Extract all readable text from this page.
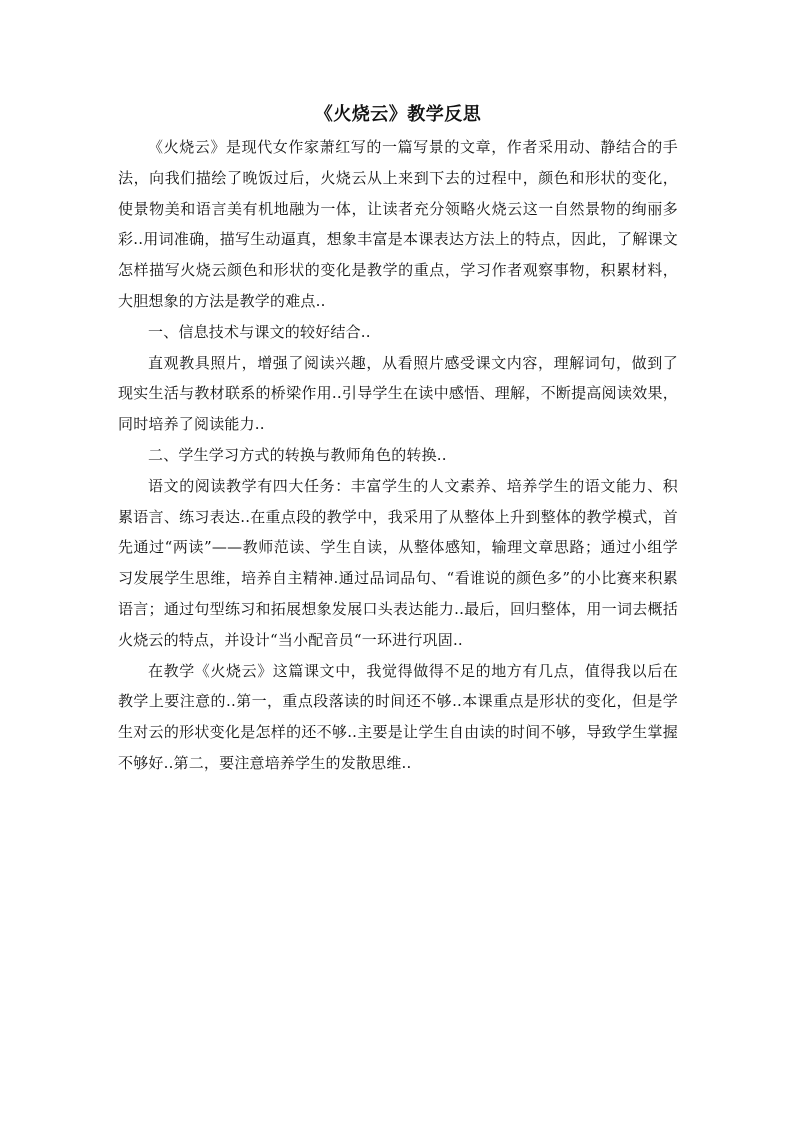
《火烧云》教学反思

《火烧云》是现代女作家萧红写的一篇写景的文章，作者采用动、静结合的手法，向我们描绘了晚饭过后，火烧云从上来到下去的过程中，颜色和形状的变化，使景物美和语言美有机地融为一体，让读者充分领略火烧云这一自然景物的绚丽多彩..用词准确，描写生动逼真，想象丰富是本课表达方法上的特点，因此，了解课文怎样描写火烧云颜色和形状的变化是教学的重点，学习作者观察事物，积累材料，大胆想象的方法是教学的难点..

一、信息技术与课文的较好结合..

直观教具照片，增强了阅读兴趣，从看照片感受课文内容，理解词句，做到了现实生活与教材联系的桥梁作用..引导学生在读中感悟、理解，不断提高阅读效果，同时培养了阅读能力..

二、学生学习方式的转换与教师角色的转换..

语文的阅读教学有四大任务：丰富学生的人文素养、培养学生的语文能力、积累语言、练习表达..在重点段的教学中，我采用了从整体上升到整体的教学模式，首先通过“两读”——教师范读、学生自读，从整体感知，输理文章思路；通过小组学习发展学生思维，培养自主精神.通过品词品句、“看谁说的颜色多”的小比赛来积累语言；通过句型练习和拓展想象发展口头表达能力..最后，回归整体，用一词去概括火烧云的特点，并设计“当小配音员“一环进行巩固..

在教学《火烧云》这篇课文中，我觉得做得不足的地方有几点，值得我以后在教学上要注意的..第一，重点段落读的时间还不够..本课重点是形状的变化，但是学生对云的形状变化是怎样的还不够..主要是让学生自由读的时间不够，导致学生掌握不够好..第二，要注意培养学生的发散思维..
